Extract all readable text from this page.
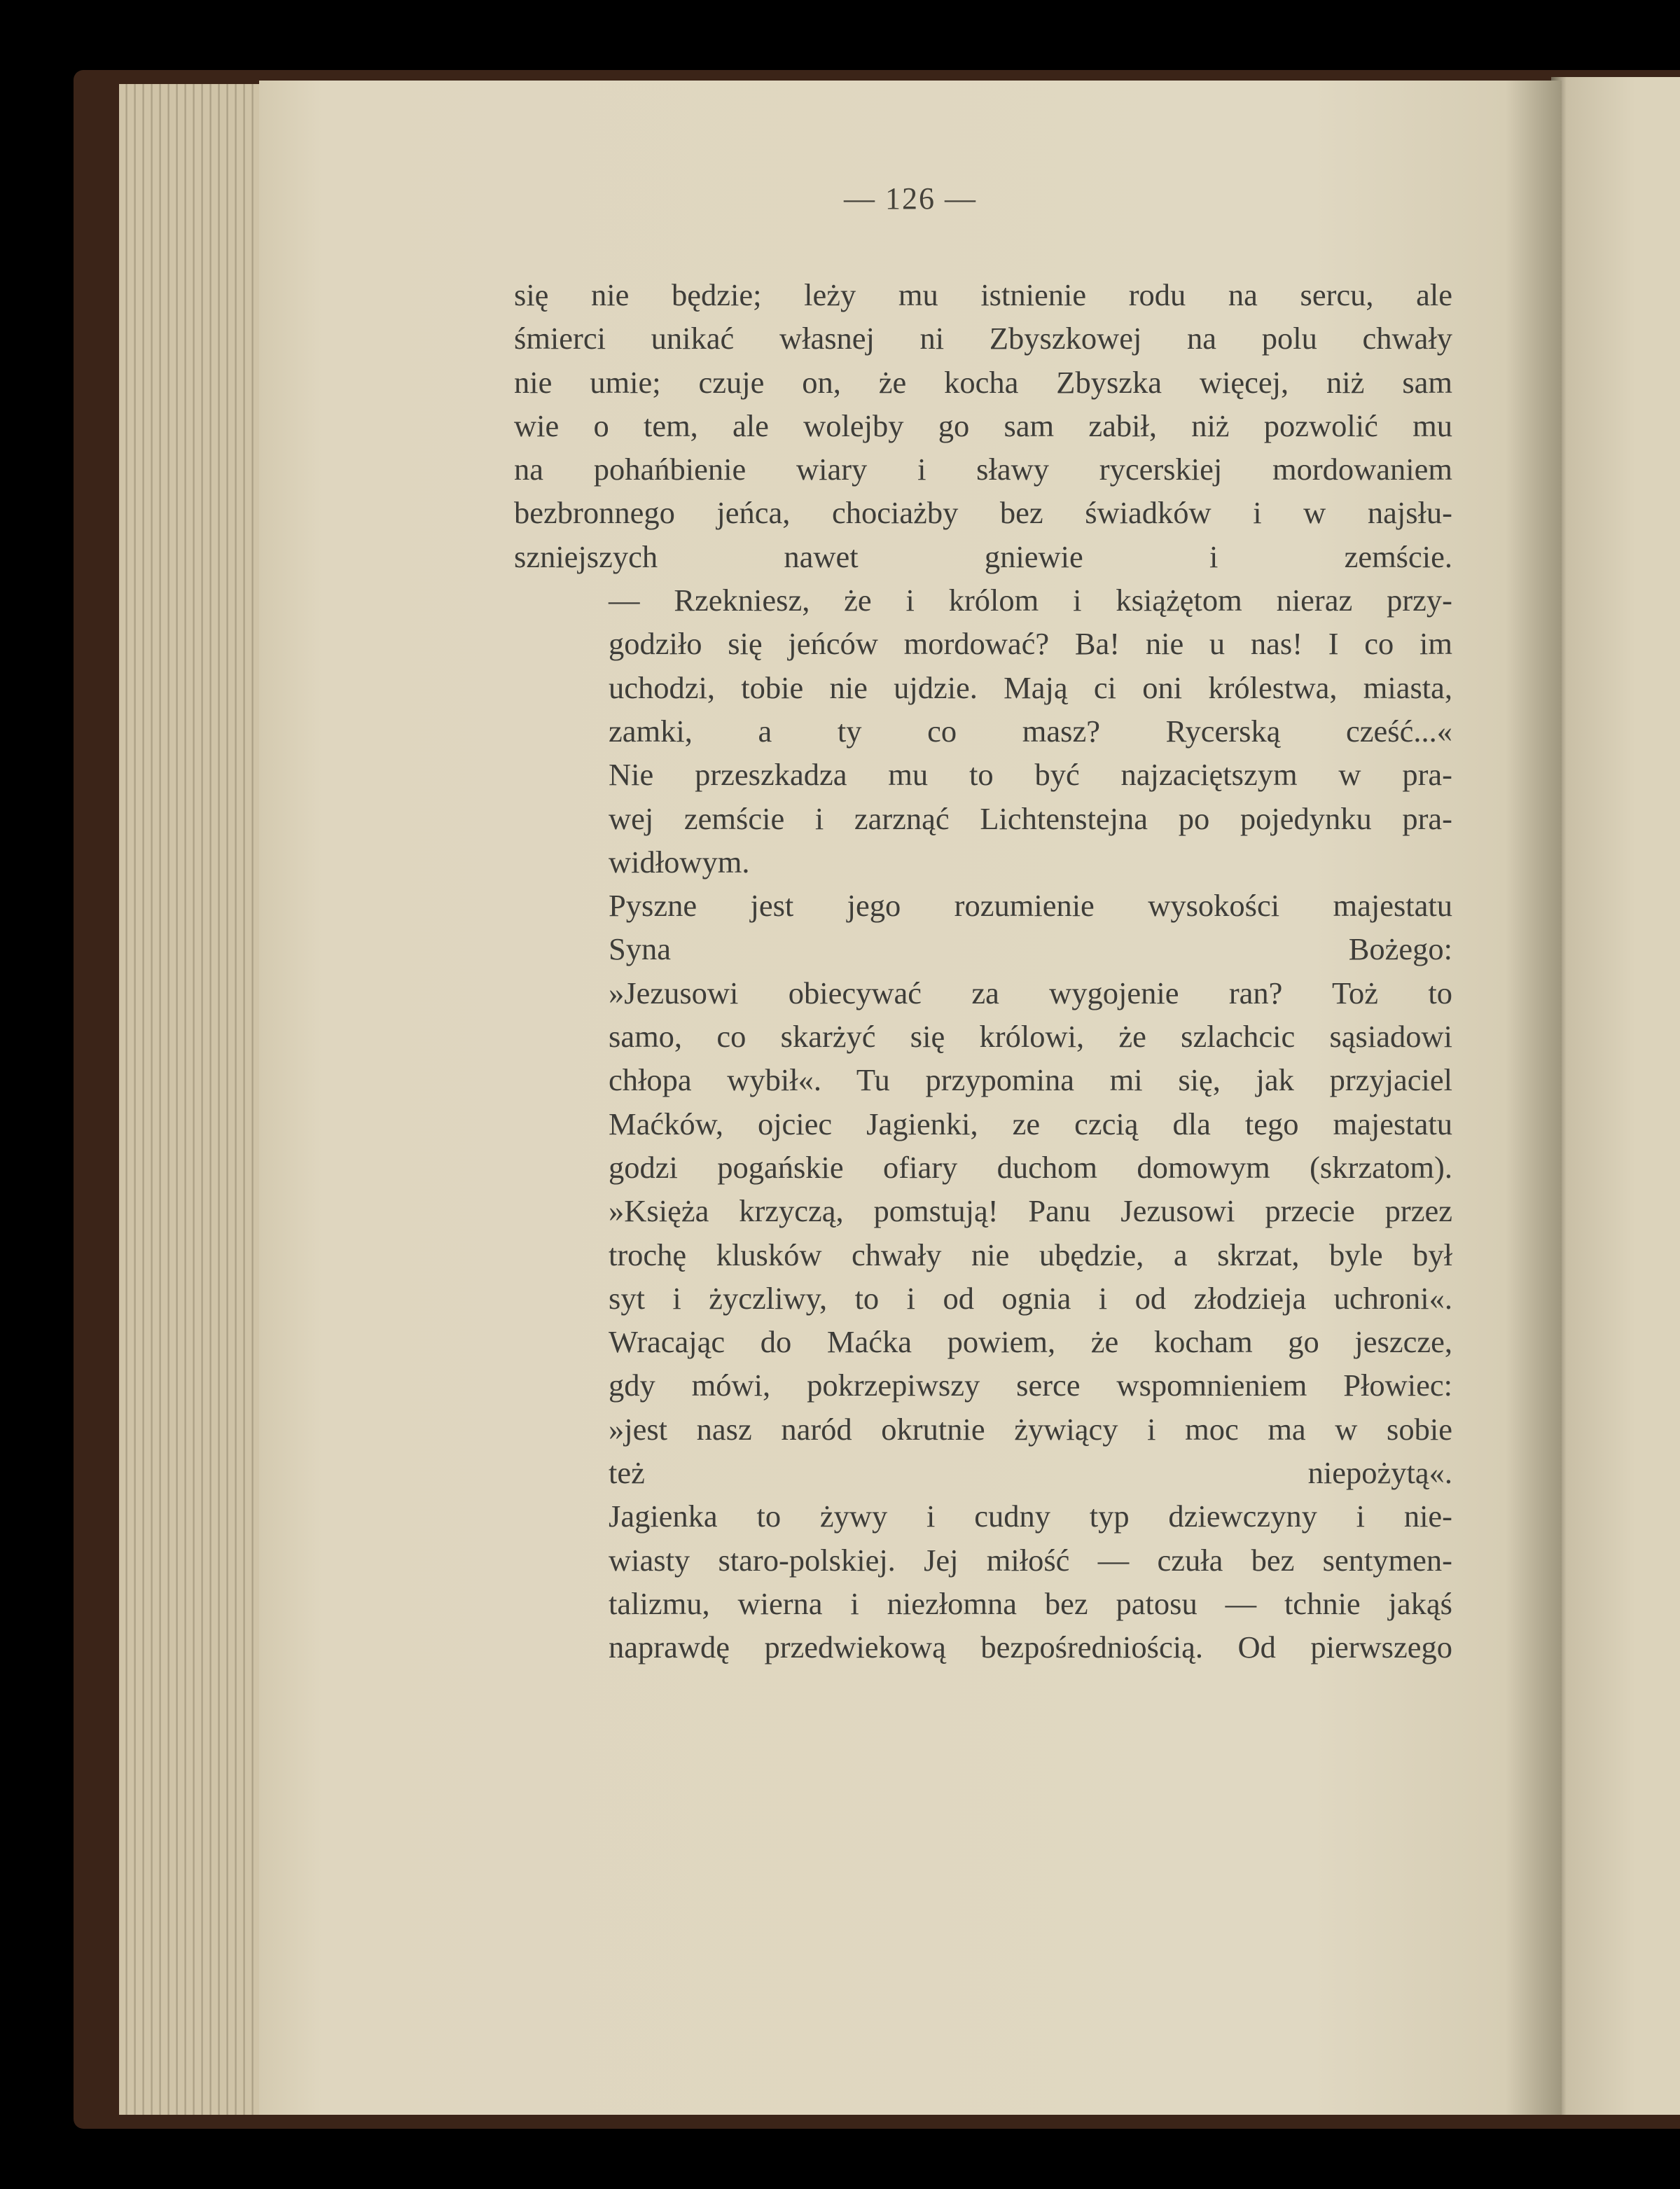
— 126 —

się nie będzie; leży mu istnienie rodu na sercu, ale
śmierci unikać własnej ni Zbyszkowej na polu chwały
nie umie; czuje on, że kocha Zbyszka więcej, niż sam
wie o tem, ale wolejby go sam zabił, niż pozwolić mu
na pohańbienie wiary i sławy rycerskiej mordowaniem
bezbronnego jeńca, chociażby bez świadków i w najsłu-
szniejszych nawet gniewie i zemście.

— Rzekniesz, że i królom i książętom nieraz przy-
godziło się jeńców mordować? Ba! nie u nas! I co im
uchodzi, tobie nie ujdzie. Mają ci oni królestwa, miasta,
zamki, a ty co masz? Rycerską cześć...«

Nie przeszkadza mu to być najzaciętszym w pra-
wej zemście i zarznąć Lichtenstejna po pojedynku pra-
widłowym.

Pyszne jest jego rozumienie wysokości majestatu
Syna Bożego:

»Jezusowi obiecywać za wygojenie ran? Toż to
samo, co skarżyć się królowi, że szlachcic sąsiadowi
chłopa wybił«. Tu przypomina mi się, jak przyjaciel
Maćków, ojciec Jagienki, ze czcią dla tego majestatu
godzi pogańskie ofiary duchom domowym (skrzatom).
»Księża krzyczą, pomstują! Panu Jezusowi przecie przez
trochę klusków chwały nie ubędzie, a skrzat, byle był
syt i życzliwy, to i od ognia i od złodzieja uchroni«.

Wracając do Maćka powiem, że kocham go jeszcze,
gdy mówi, pokrzepiwszy serce wspomnieniem Płowiec:
»jest nasz naród okrutnie żywiący i moc ma w sobie
też niepożytą«.

Jagienka to żywy i cudny typ dziewczyny i nie-
wiasty staro-polskiej. Jej miłość — czuła bez sentymen-
talizmu, wierna i niezłomna bez patosu — tchnie jakąś
naprawdę przedwiekową bezpośredniością. Od pierwszego
